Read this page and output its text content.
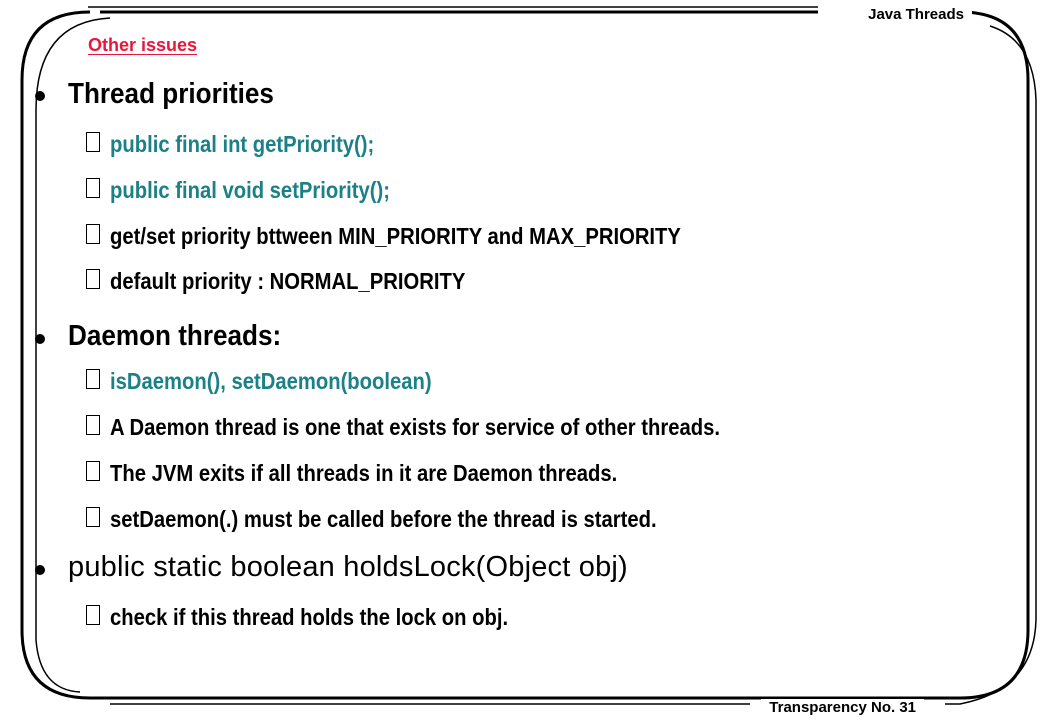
Java Threads
Transparency No. 31
Other issues
Thread priorities
public final int getPriority();
public final void setPriority();
get/set priority bttween MIN_PRIORITY and MAX_PRIORITY
default priority : NORMAL_PRIORITY
Daemon threads:
isDaemon(), setDaemon(boolean)
A Daemon thread is one that exists for service of other threads.
The JVM exits if all threads in it are Daemon threads.
setDaemon(.) must be called before the thread is started.
public static boolean holdsLock(Object obj)
check if this thread holds the lock on obj.
